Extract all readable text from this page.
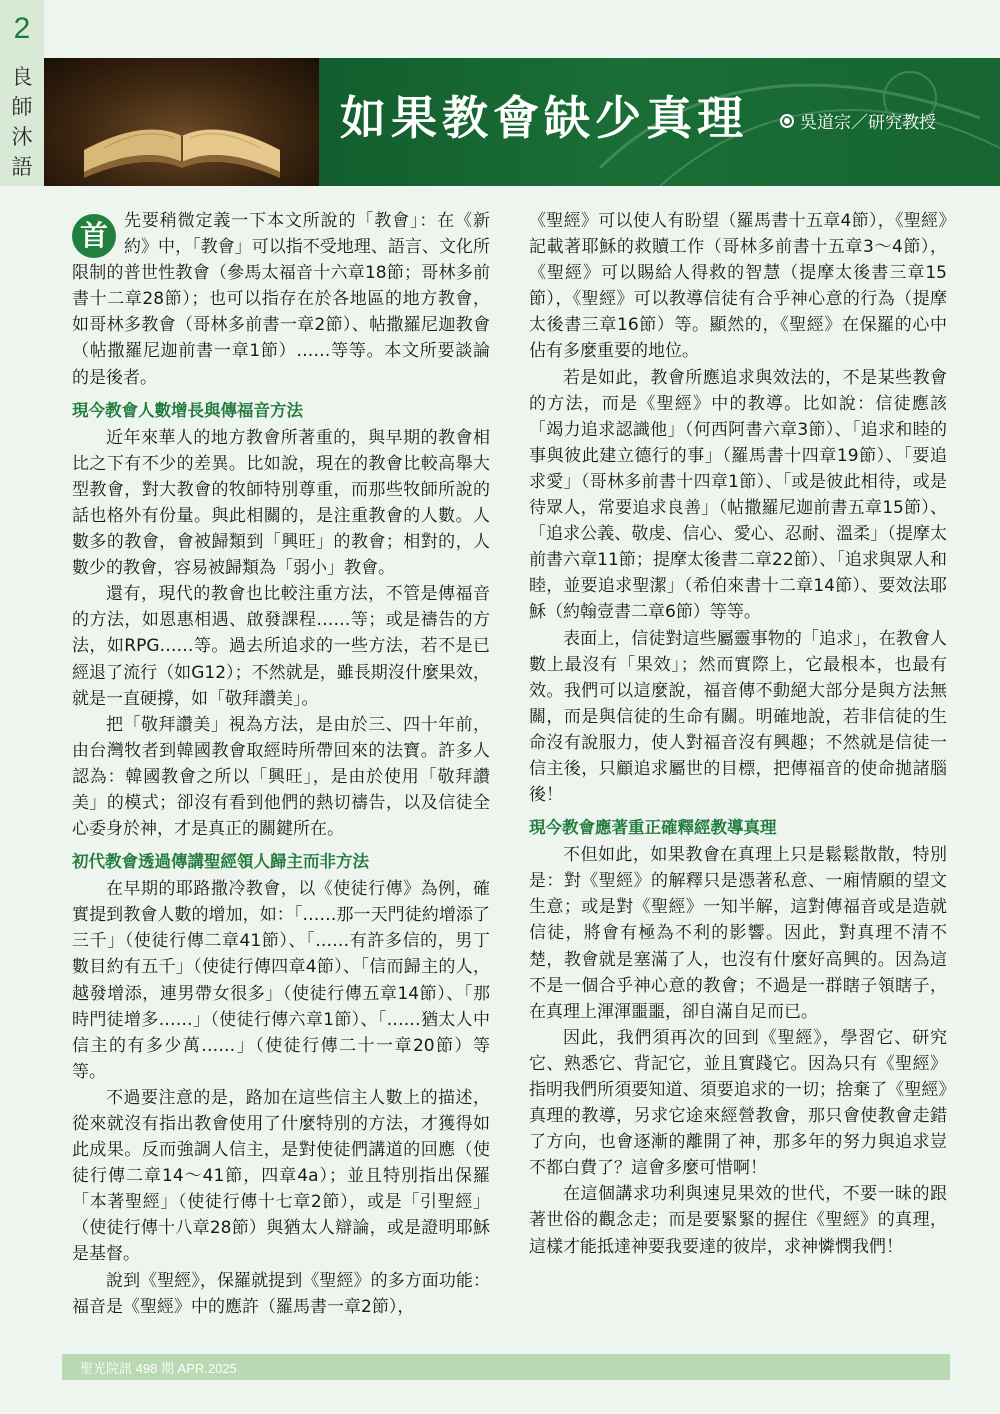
2
良
師
沐
語
如果教會缺少真理	吳道宗／研究教授
首 先要稍微定義一下本文所說的「教會」：在《新約》中，「教會」可以指不受地理、語言、文化所限制的普世性教會（參馬太福音十六章18節；哥林多前書十二章28節）；也可以指存在於各地區的地方教會，如哥林多教會（哥林多前書一章2節）、帖撒羅尼迦教會（帖撒羅尼迦前書一章1節）……等等。本文所要談論的是後者。

現今教會人數增長與傳福音方法

近年來華人的地方教會所著重的，與早期的教會相比之下有不少的差異。比如說，現在的教會比較高舉大型教會，對大教會的牧師特別尊重，而那些牧師所說的話也格外有份量。與此相關的，是注重教會的人數。人數多的教會，會被歸類到「興旺」的教會；相對的，人數少的教會，容易被歸類為「弱小」教會。

還有，現代的教會也比較注重方法，不管是傳福音的方法，如恩惠相遇、啟發課程……等；或是禱告的方法，如RPG……等。過去所追求的一些方法，若不是已經退了流行（如G12）；不然就是，雖長期沒什麼果效，就是一直硬撐，如「敬拜讚美」。

把「敬拜讚美」視為方法，是由於三、四十年前，由台灣牧者到韓國教會取經時所帶回來的法寶。許多人認為：韓國教會之所以「興旺」，是由於使用「敬拜讚美」的模式；卻沒有看到他們的熱切禱告，以及信徒全心委身於神，才是真正的關鍵所在。

初代教會透過傳講聖經領人歸主而非方法

在早期的耶路撒冷教會，以《使徒行傳》為例，確實提到教會人數的增加，如：「……那一天門徒約增添了三千」（使徒行傳二章41節）、「……有許多信的，男丁數目約有五千」（使徒行傳四章4節）、「信而歸主的人，越發增添，連男帶女很多」（使徒行傳五章14節）、「那時門徒增多……」（使徒行傳六章1節）、「……猶太人中信主的有多少萬……」（使徒行傳二十一章20節）等等。

不過要注意的是，路加在這些信主人數上的描述，從來就沒有指出教會使用了什麼特別的方法，才獲得如此成果。反而強調人信主，是對使徒們講道的回應（使徒行傳二章14～41節，四章4a）；並且特別指出保羅「本著聖經」（使徒行傳十七章2節），或是「引聖經」（使徒行傳十八章28節）與猶太人辯論，或是證明耶穌是基督。

說到《聖經》，保羅就提到《聖經》的多方面功能：福音是《聖經》中的應許（羅馬書一章2節），

《聖經》可以使人有盼望（羅馬書十五章4節），《聖經》記載著耶穌的救贖工作（哥林多前書十五章3～4節），《聖經》可以賜給人得救的智慧（提摩太後書三章15節），《聖經》可以教導信徒有合乎神心意的行為（提摩太後書三章16節）等。顯然的，《聖經》在保羅的心中佔有多麼重要的地位。

若是如此，教會所應追求與效法的，不是某些教會的方法，而是《聖經》中的教導。比如說：信徒應該「竭力追求認識他」（何西阿書六章3節）、「追求和睦的事與彼此建立德行的事」（羅馬書十四章19節）、「要追求愛」（哥林多前書十四章1節）、「或是彼此相待，或是待眾人，常要追求良善」（帖撒羅尼迦前書五章15節）、「追求公義、敬虔、信心、愛心、忍耐、溫柔」（提摩太前書六章11節；提摩太後書二章22節）、「追求與眾人和睦，並要追求聖潔」（希伯來書十二章14節）、要效法耶穌（約翰壹書二章6節）等等。

表面上，信徒對這些屬靈事物的「追求」，在教會人數上最沒有「果效」；然而實際上，它最根本，也最有效。我們可以這麼說，福音傳不動絕大部分是與方法無關，而是與信徒的生命有關。明確地說，若非信徒的生命沒有說服力，使人對福音沒有興趣；不然就是信徒一信主後，只顧追求屬世的目標，把傳福音的使命拋諸腦後！

現今教會應著重正確釋經教導真理

不但如此，如果教會在真理上只是鬆鬆散散，特別是：對《聖經》的解釋只是憑著私意、一廂情願的望文生意；或是對《聖經》一知半解，這對傳福音或是造就信徒，將會有極為不利的影響。因此，對真理不清不楚，教會就是塞滿了人，也沒有什麼好高興的。因為這不是一個合乎神心意的教會；不過是一群瞎子領瞎子，在真理上渾渾噩噩，卻自滿自足而已。

因此，我們須再次的回到《聖經》，學習它、研究它、熟悉它、背記它，並且實踐它。因為只有《聖經》指明我們所須要知道、須要追求的一切；捨棄了《聖經》真理的教導，另求它途來經營教會，那只會使教會走錯了方向，也會逐漸的離開了神，那多年的努力與追求豈不都白費了？這會多麼可惜啊！

在這個講求功利與速見果效的世代，不要一昧的跟著世俗的觀念走；而是要緊緊的握住《聖經》的真理，這樣才能抵達神要我要達的彼岸，求神憐憫我們！

聖光院訊 498 期 APR.2025
